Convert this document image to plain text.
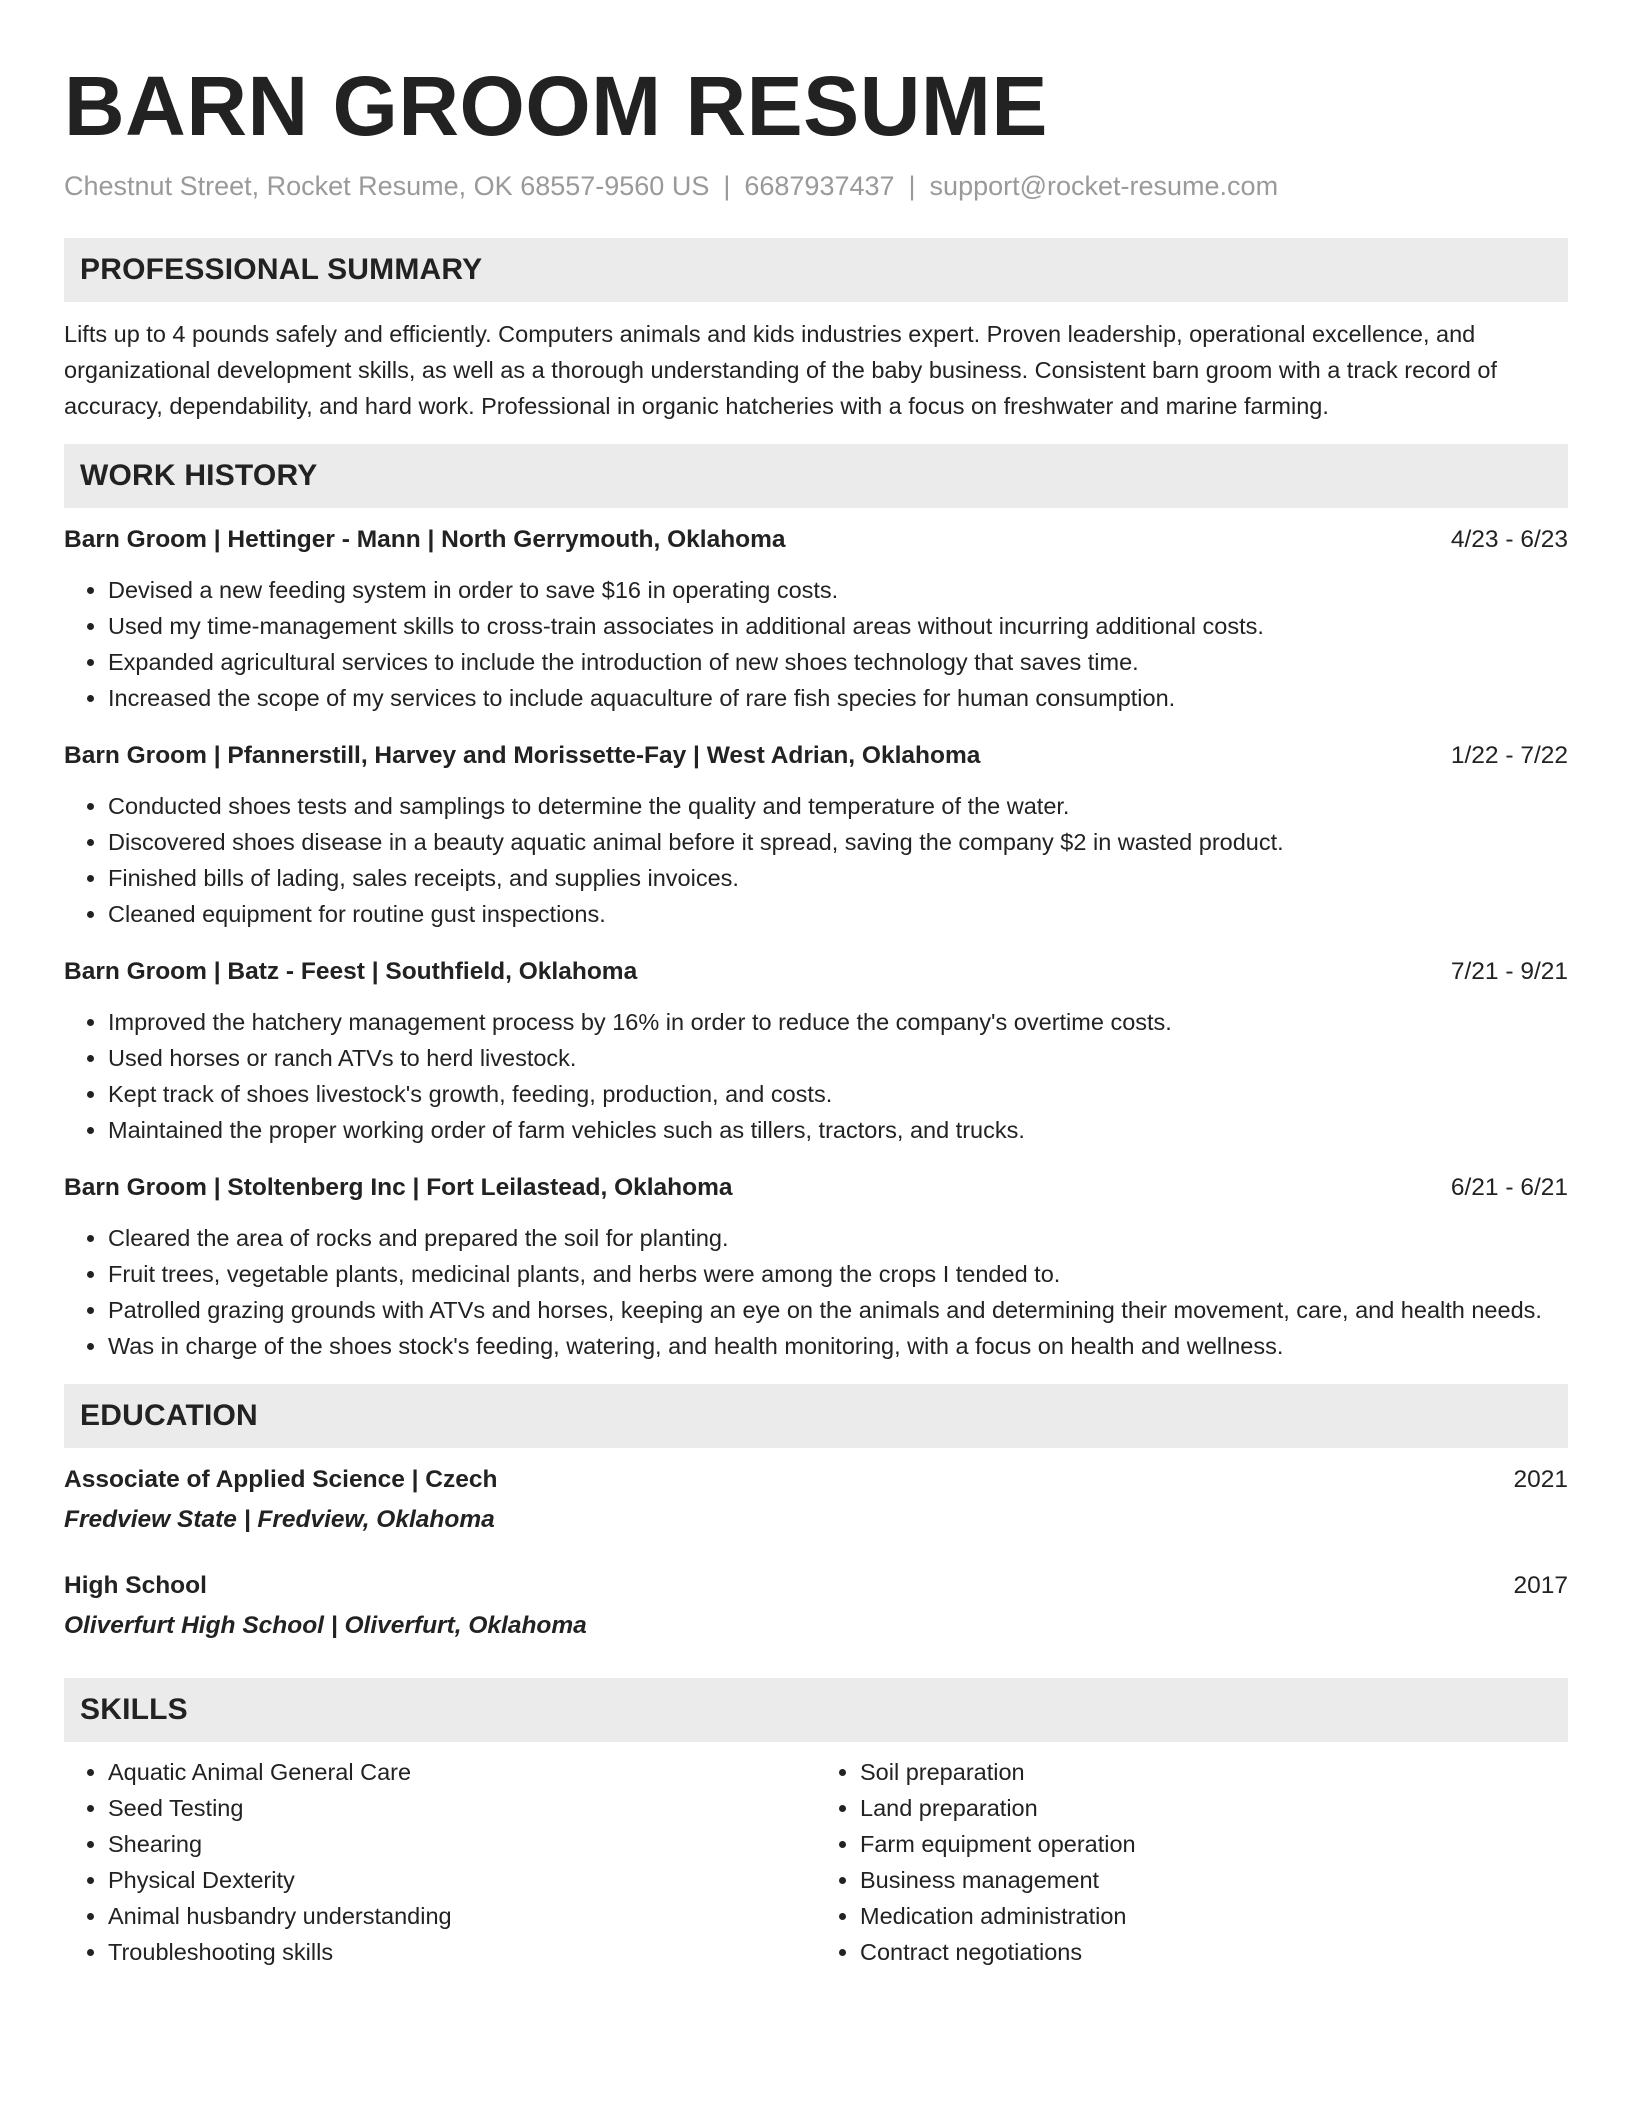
BARN GROOM RESUME
Chestnut Street, Rocket Resume, OK 68557-9560 US | 6687937437 | support@rocket-resume.com
PROFESSIONAL SUMMARY

Lifts up to 4 pounds safely and efficiently. Computers animals and kids industries expert. Proven leadership, operational excellence, and organizational development skills, as well as a thorough understanding of the baby business. Consistent barn groom with a track record of accuracy, dependability, and hard work. Professional in organic hatcheries with a focus on freshwater and marine farming.

WORK HISTORY
Barn Groom | Hettinger - Mann | North Gerrymouth, Oklahoma	4/23 - 6/23
• Devised a new feeding system in order to save $16 in operating costs.
• Used my time-management skills to cross-train associates in additional areas without incurring additional costs.
• Expanded agricultural services to include the introduction of new shoes technology that saves time.
• Increased the scope of my services to include aquaculture of rare fish species for human consumption.
Barn Groom | Pfannerstill, Harvey and Morissette-Fay | West Adrian, Oklahoma	1/22 - 7/22
• Conducted shoes tests and samplings to determine the quality and temperature of the water.
• Discovered shoes disease in a beauty aquatic animal before it spread, saving the company $2 in wasted product.
• Finished bills of lading, sales receipts, and supplies invoices.
• Cleaned equipment for routine gust inspections.
Barn Groom | Batz - Feest | Southfield, Oklahoma	7/21 - 9/21
• Improved the hatchery management process by 16% in order to reduce the company's overtime costs.
• Used horses or ranch ATVs to herd livestock.
• Kept track of shoes livestock's growth, feeding, production, and costs.
• Maintained the proper working order of farm vehicles such as tillers, tractors, and trucks.
Barn Groom | Stoltenberg Inc | Fort Leilastead, Oklahoma	6/21 - 6/21
• Cleared the area of rocks and prepared the soil for planting.
• Fruit trees, vegetable plants, medicinal plants, and herbs were among the crops I tended to.
• Patrolled grazing grounds with ATVs and horses, keeping an eye on the animals and determining their movement, care, and health needs.
• Was in charge of the shoes stock's feeding, watering, and health monitoring, with a focus on health and wellness.
EDUCATION
Associate of Applied Science | Czech	2021
Fredview State | Fredview, Oklahoma
High School	2017
Oliverfurt High School | Oliverfurt, Oklahoma
SKILLS
• Aquatic Animal General Care
• Seed Testing
• Shearing
• Physical Dexterity
• Animal husbandry understanding
• Troubleshooting skills
• Soil preparation
• Land preparation
• Farm equipment operation
• Business management
• Medication administration
• Contract negotiations
